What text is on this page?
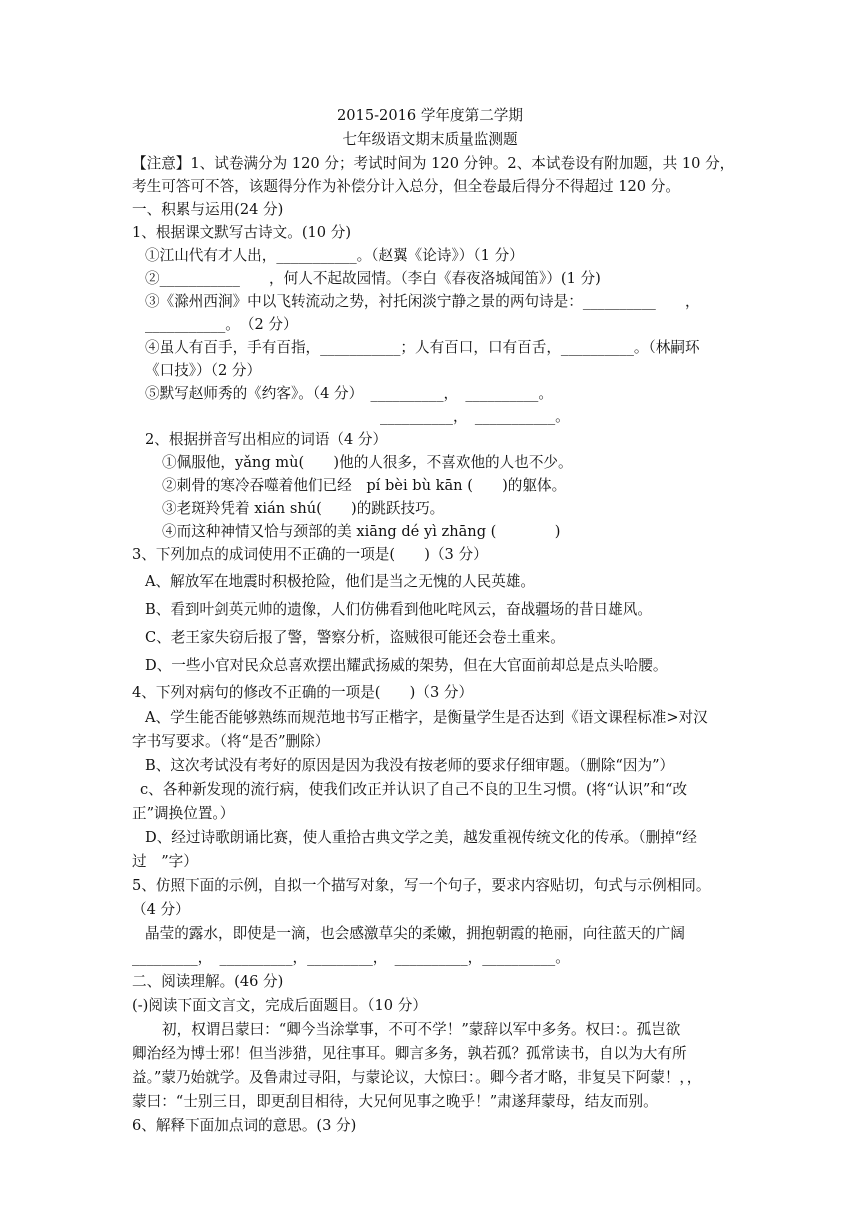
2015-2016 学年度第二学期
七年级语文期末质量监测题
【注意】1、试卷满分为 120 分；考试时间为 120 分钟。2、本试卷设有附加题，共 10 分，
考生可答可不答，该题得分作为补偿分计入总分，但全卷最后得分不得超过 120 分。
一、积累与运用(24 分)
1、根据课文默写古诗文。(10 分)
①江山代有才人出，___________。（赵翼《论诗》）（1 分）
②___________　　，何人不起故园情。（李白《春夜洛城闻笛》）(1 分)
③《滁州西涧》中以飞转流动之势，衬托闲淡宁静之景的两句诗是：__________　　，
___________。　（2 分）
④虽人有百手，手有百指，___________；人有百口，口有百舌，__________。（林嗣环
《口技》）（2 分）
⑤默写赵师秀的《约客》。（4 分）　__________，　__________。
__________，　___________。
2、根据拼音写出相应的词语（4 分）
①佩服他，yǎng mù(　　)他的人很多，不喜欢他的人也不少。
②刺骨的寒冷吞噬着他们已经　pí bèi bù kān (　　)的躯体。
③老斑羚凭着 xián shú(　　)的跳跃技巧。
④而这种神情又恰与颈部的美 xiāng dé yì zhāng (　　　　)
3、下列加点的成词使用不正确的一项是(　　)（3 分）
A、解放军在地震时积极抢险，他们是当之无愧的人民英雄。
B、看到叶剑英元帅的遗像，人们仿佛看到他叱咤风云，奋战疆场的昔日雄风。
C、老王家失窃后报了警，警察分析，盗贼很可能还会卷土重来。
D、一些小官对民众总喜欢摆出耀武扬威的架势，但在大官面前却总是点头哈腰。
4、下列对病句的修改不正确的一项是(　　)（3 分）
A、学生能否能够熟练而规范地书写正楷字，是衡量学生是否达到《语文课程标准>对汉
字书写要求。（将“是否”删除）
B、这次考试没有考好的原因是因为我没有按老师的要求仔细审题。（删除“因为”）
c、各种新发现的流行病，使我们改正并认识了自己不良的卫生习惯。(将“认识”和“改
正”调换位置。）
D、经过诗歌朗诵比赛，使人重拾古典文学之美，越发重视传统文化的传承。（删掉“经
过　”字）
5、仿照下面的示例，自拟一个描写对象，写一个句子，要求内容贴切，句式与示例相同。
（4 分）
晶莹的露水，即使是一滴，也会感激草尖的柔嫩，拥抱朝霞的艳丽，向往蓝天的广阔
_________，　__________，_________，　__________，__________。
二、阅读理解。(46 分)
(-)阅读下面文言文，完成后面题目。（10 分）
初，权谓吕蒙曰：“卿今当涂掌事，不可不学！”蒙辞以军中多务。权曰：。孤岂欲
卿治经为博士邪！但当涉猎，见往事耳。卿言多务，孰若孤？孤常读书，自以为大有所
益。”蒙乃始就学。及鲁肃过寻阳，与蒙论议，大惊曰：。卿今者才略，非复吴下阿蒙！，，
蒙曰：“士别三日，即更刮目相待，大兄何见事之晚乎！”肃遂拜蒙母，结友而别。
6、解释下面加点词的意思。(3 分)
